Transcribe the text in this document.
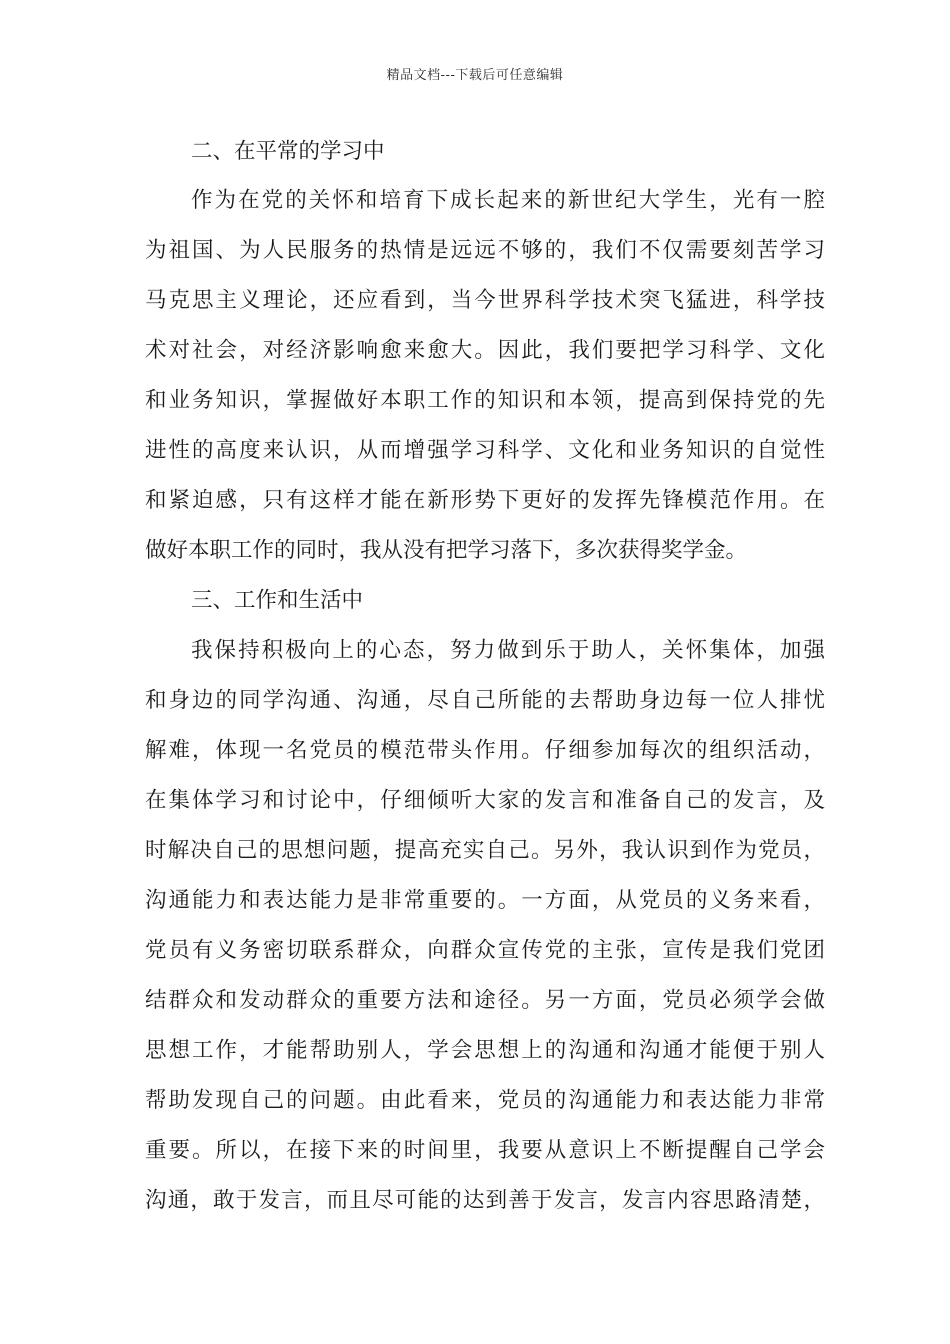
精品文档---下载后可任意编辑

二、在平常的学习中

作为在党的关怀和培育下成长起来的新世纪大学生，光有一腔

为祖国、为人民服务的热情是远远不够的，我们不仅需要刻苦学习

马克思主义理论，还应看到，当今世界科学技术突飞猛进，科学技

术对社会，对经济影响愈来愈大。因此，我们要把学习科学、文化

和业务知识，掌握做好本职工作的知识和本领，提高到保持党的先

进性的高度来认识，从而增强学习科学、文化和业务知识的自觉性

和紧迫感，只有这样才能在新形势下更好的发挥先锋模范作用。在

做好本职工作的同时，我从没有把学习落下，多次获得奖学金。

三、工作和生活中

我保持积极向上的心态，努力做到乐于助人，关怀集体，加强

和身边的同学沟通、沟通，尽自己所能的去帮助身边每一位人排忧

解难，体现一名党员的模范带头作用。仔细参加每次的组织活动，

在集体学习和讨论中，仔细倾听大家的发言和准备自己的发言，及

时解决自己的思想问题，提高充实自己。另外，我认识到作为党员，

沟通能力和表达能力是非常重要的。一方面，从党员的义务来看，

党员有义务密切联系群众，向群众宣传党的主张，宣传是我们党团

结群众和发动群众的重要方法和途径。另一方面，党员必须学会做

思想工作，才能帮助别人，学会思想上的沟通和沟通才能便于别人

帮助发现自己的问题。由此看来，党员的沟通能力和表达能力非常

重要。所以，在接下来的时间里，我要从意识上不断提醒自己学会

沟通，敢于发言，而且尽可能的达到善于发言，发言内容思路清楚，
